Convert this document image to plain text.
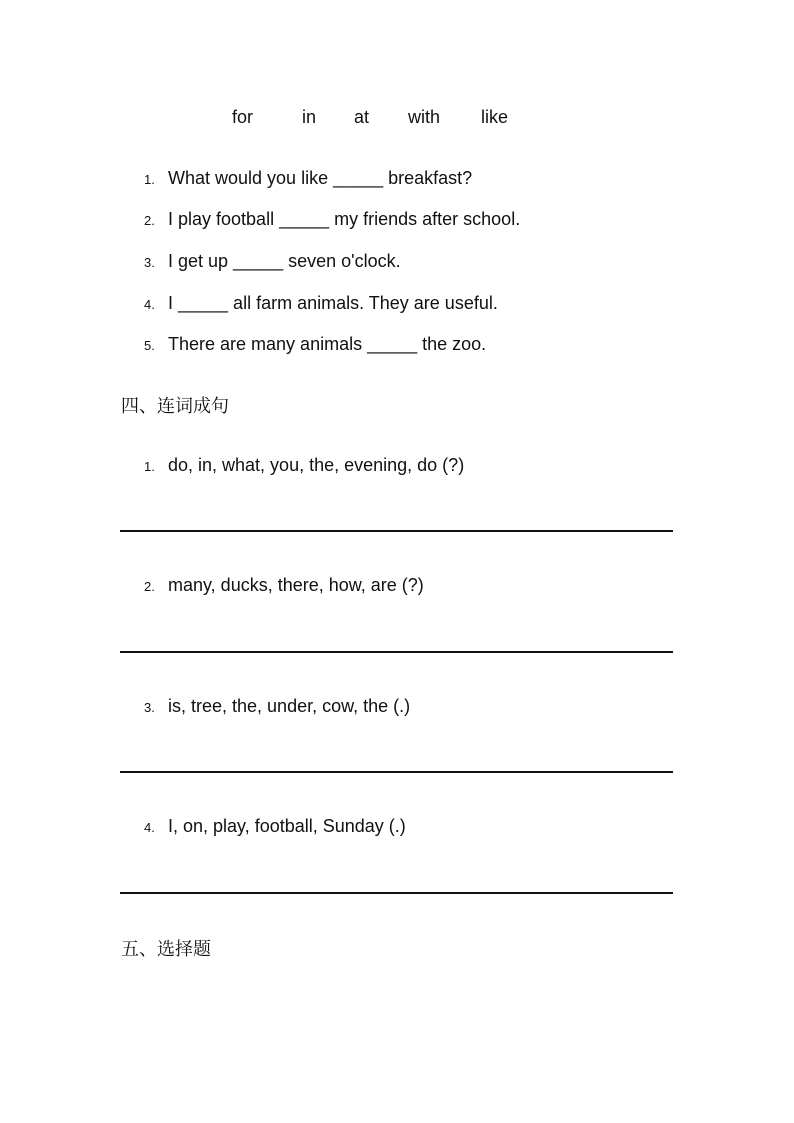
for	in at with like
1. What would you like _____ breakfast?
2. I play football _____ my friends after school.
3. I get up _____ seven o'clock.
4. I _____ all farm animals. They are useful.
5. There are many animals _____ the zoo.
四、连词成句
1. do, in, what, you, the, evening, do (?)
2. many, ducks, there, how, are (?)
3. is, tree, the, under, cow, the (.)
4. I, on, play, football, Sunday (.)
五、选择题
